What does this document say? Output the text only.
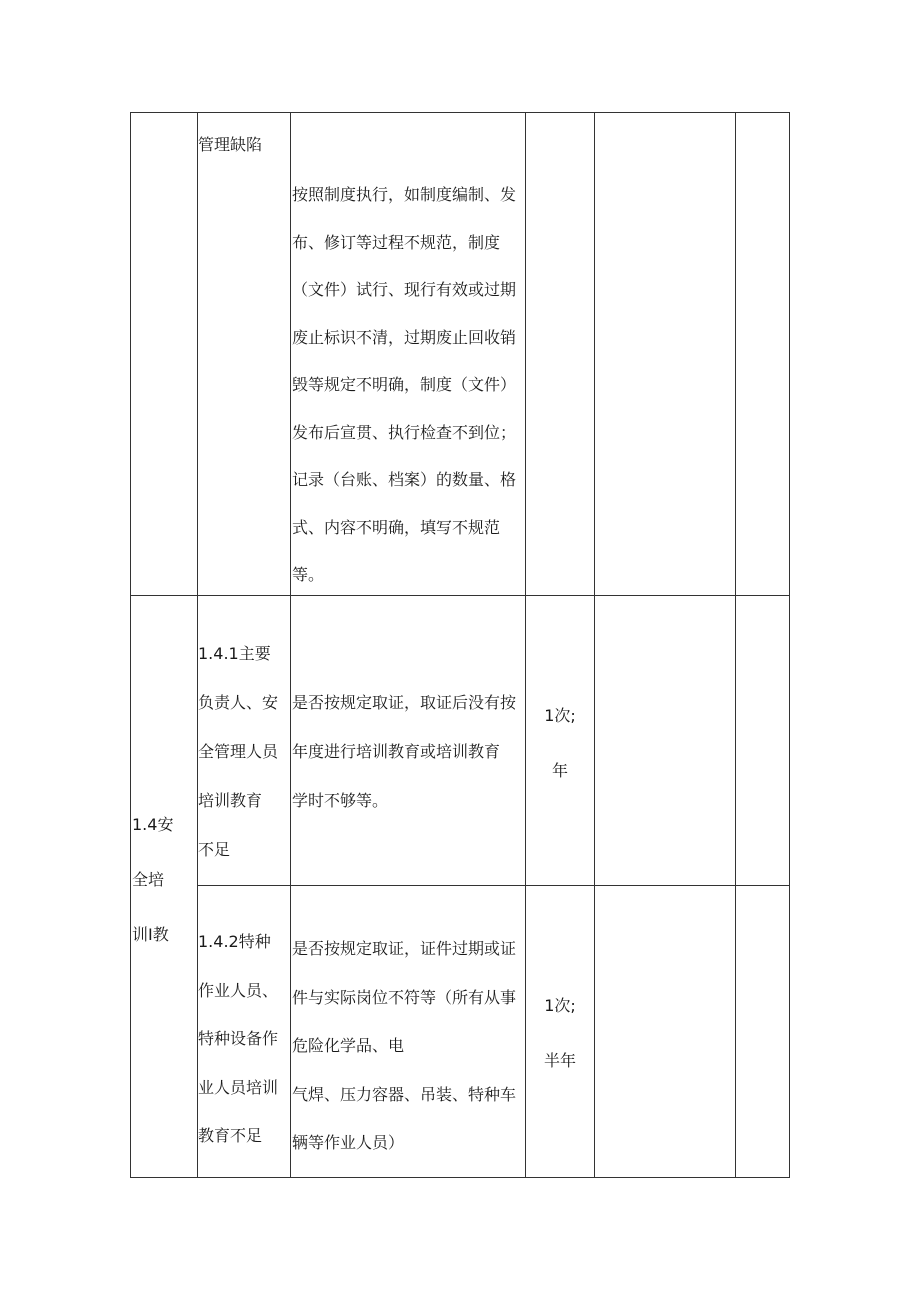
管理缺陷
按照制度执行，如制度编制、发
布、修订等过程不规范，制度
（文件）试行、现行有效或过期
废止标识不清，过期废止回收销
毁等规定不明确，制度（文件）
发布后宣贯、执行检查不到位；
记录（台账、档案）的数量、格
式、内容不明确，填写不规范等。
1.4安
全培
训I教
1.4.1主要
负责人、安
全管理人员
培训教育
不足
是否按规定取证，取证后没有按
年度进行培训教育或培训教育
学时不够等。
1次;
年
1.4.2特种
作业人员、
特种设备作
业人员培训
教育不足
是否按规定取证，证件过期或证
件与实际岗位不符等（所有从事
危险化学品、电
气焊、压力容器、吊装、特种车
辆等作业人员）
1次;
半年
